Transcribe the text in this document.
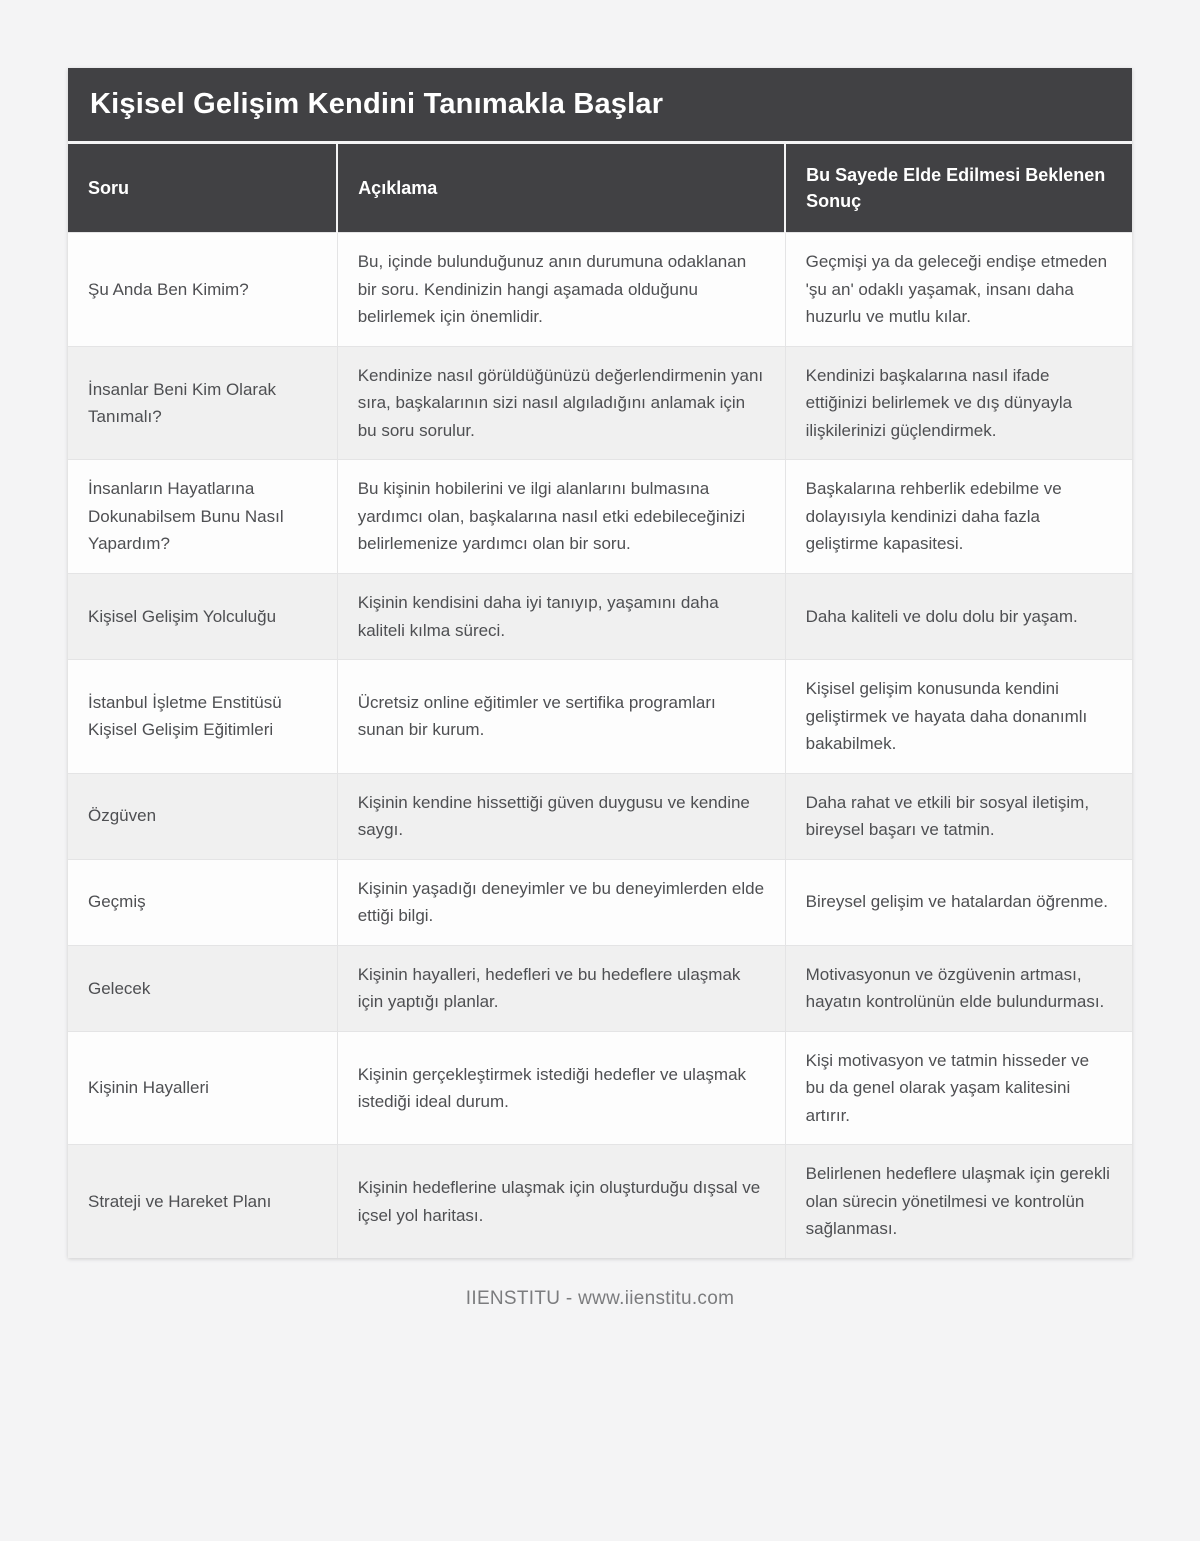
Kişisel Gelişim Kendini Tanımakla Başlar
Soru	Açıklama	Bu Sayede Elde Edilmesi Beklenen Sonuç
Şu Anda Ben Kimim?	Bu, içinde bulunduğunuz anın durumuna odaklanan bir soru. Kendinizin hangi aşamada olduğunu belirlemek için önemlidir.	Geçmişi ya da geleceği endişe etmeden 'şu an' odaklı yaşamak, insanı daha huzurlu ve mutlu kılar.
İnsanlar Beni Kim Olarak Tanımalı?	Kendinize nasıl görüldüğünüzü değerlendirmenin yanı sıra, başkalarının sizi nasıl algıladığını anlamak için bu soru sorulur.	Kendinizi başkalarına nasıl ifade ettiğinizi belirlemek ve dış dünyayla ilişkilerinizi güçlendirmek.
İnsanların Hayatlarına Dokunabilsem Bunu Nasıl Yapardım?	Bu kişinin hobilerini ve ilgi alanlarını bulmasına yardımcı olan, başkalarına nasıl etki edebileceğinizi belirlemenize yardımcı olan bir soru.	Başkalarına rehberlik edebilme ve dolayısıyla kendinizi daha fazla geliştirme kapasitesi.
Kişisel Gelişim Yolculuğu	Kişinin kendisini daha iyi tanıyıp, yaşamını daha kaliteli kılma süreci.	Daha kaliteli ve dolu dolu bir yaşam.
İstanbul İşletme Enstitüsü Kişisel Gelişim Eğitimleri	Ücretsiz online eğitimler ve sertifika programları sunan bir kurum.	Kişisel gelişim konusunda kendini geliştirmek ve hayata daha donanımlı bakabilmek.
Özgüven	Kişinin kendine hissettiği güven duygusu ve kendine saygı.	Daha rahat ve etkili bir sosyal iletişim, bireysel başarı ve tatmin.
Geçmiş	Kişinin yaşadığı deneyimler ve bu deneyimlerden elde ettiği bilgi.	Bireysel gelişim ve hatalardan öğrenme.
Gelecek	Kişinin hayalleri, hedefleri ve bu hedeflere ulaşmak için yaptığı planlar.	Motivasyonun ve özgüvenin artması, hayatın kontrolünün elde bulundurması.
Kişinin Hayalleri	Kişinin gerçekleştirmek istediği hedefler ve ulaşmak istediği ideal durum.	Kişi motivasyon ve tatmin hisseder ve bu da genel olarak yaşam kalitesini artırır.
Strateji ve Hareket Planı	Kişinin hedeflerine ulaşmak için oluşturduğu dışsal ve içsel yol haritası.	Belirlenen hedeflere ulaşmak için gerekli olan sürecin yönetilmesi ve kontrolün sağlanması.
IIENSTITU - www.iienstitu.com
